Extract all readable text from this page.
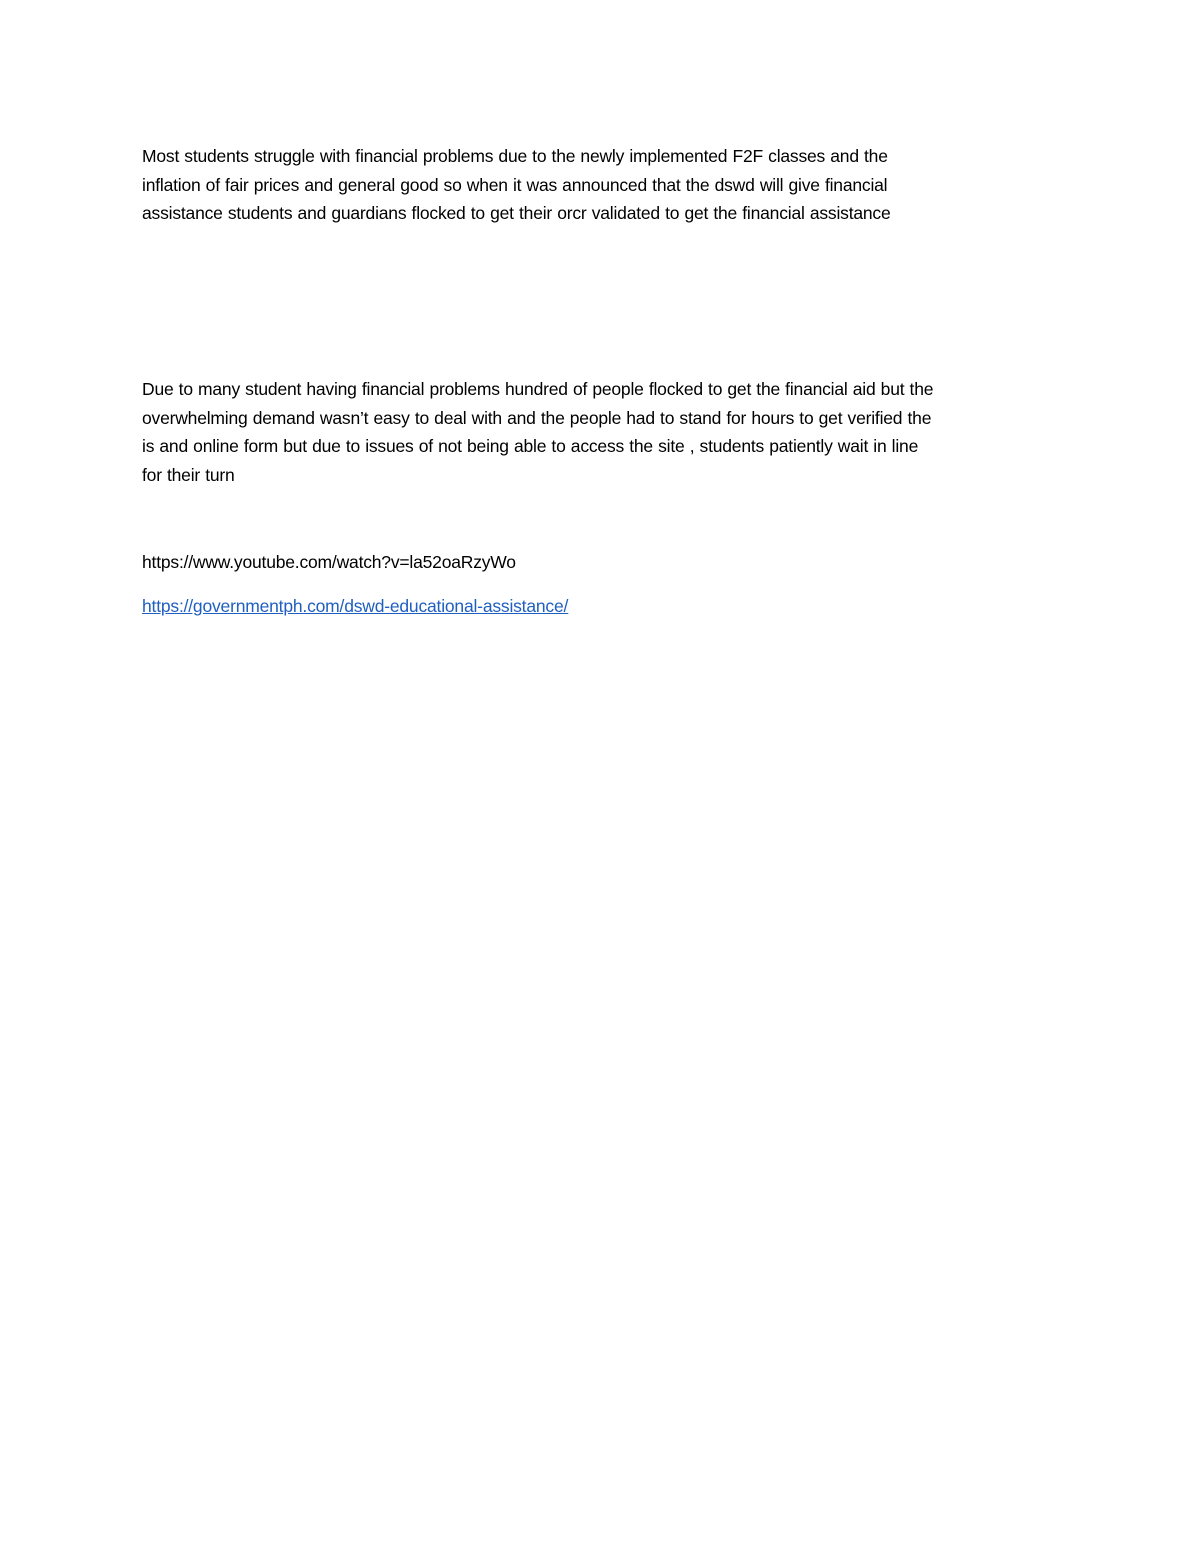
Most students struggle with financial problems due to the newly implemented F2F classes and the
inflation of fair prices and general good so when it was announced that the dswd will give financial
assistance students and guardians flocked to get their orcr validated to get the financial assistance

Due to many student having financial problems hundred of people flocked to get the financial aid but the
overwhelming demand wasn’t easy to deal with and the people had to stand for hours to get verified the
is and online form but due to issues of not being able to access the site , students patiently wait in line
for their turn

https://www.youtube.com/watch?v=la52oaRzyWo

https://governmentph.com/dswd-educational-assistance/
